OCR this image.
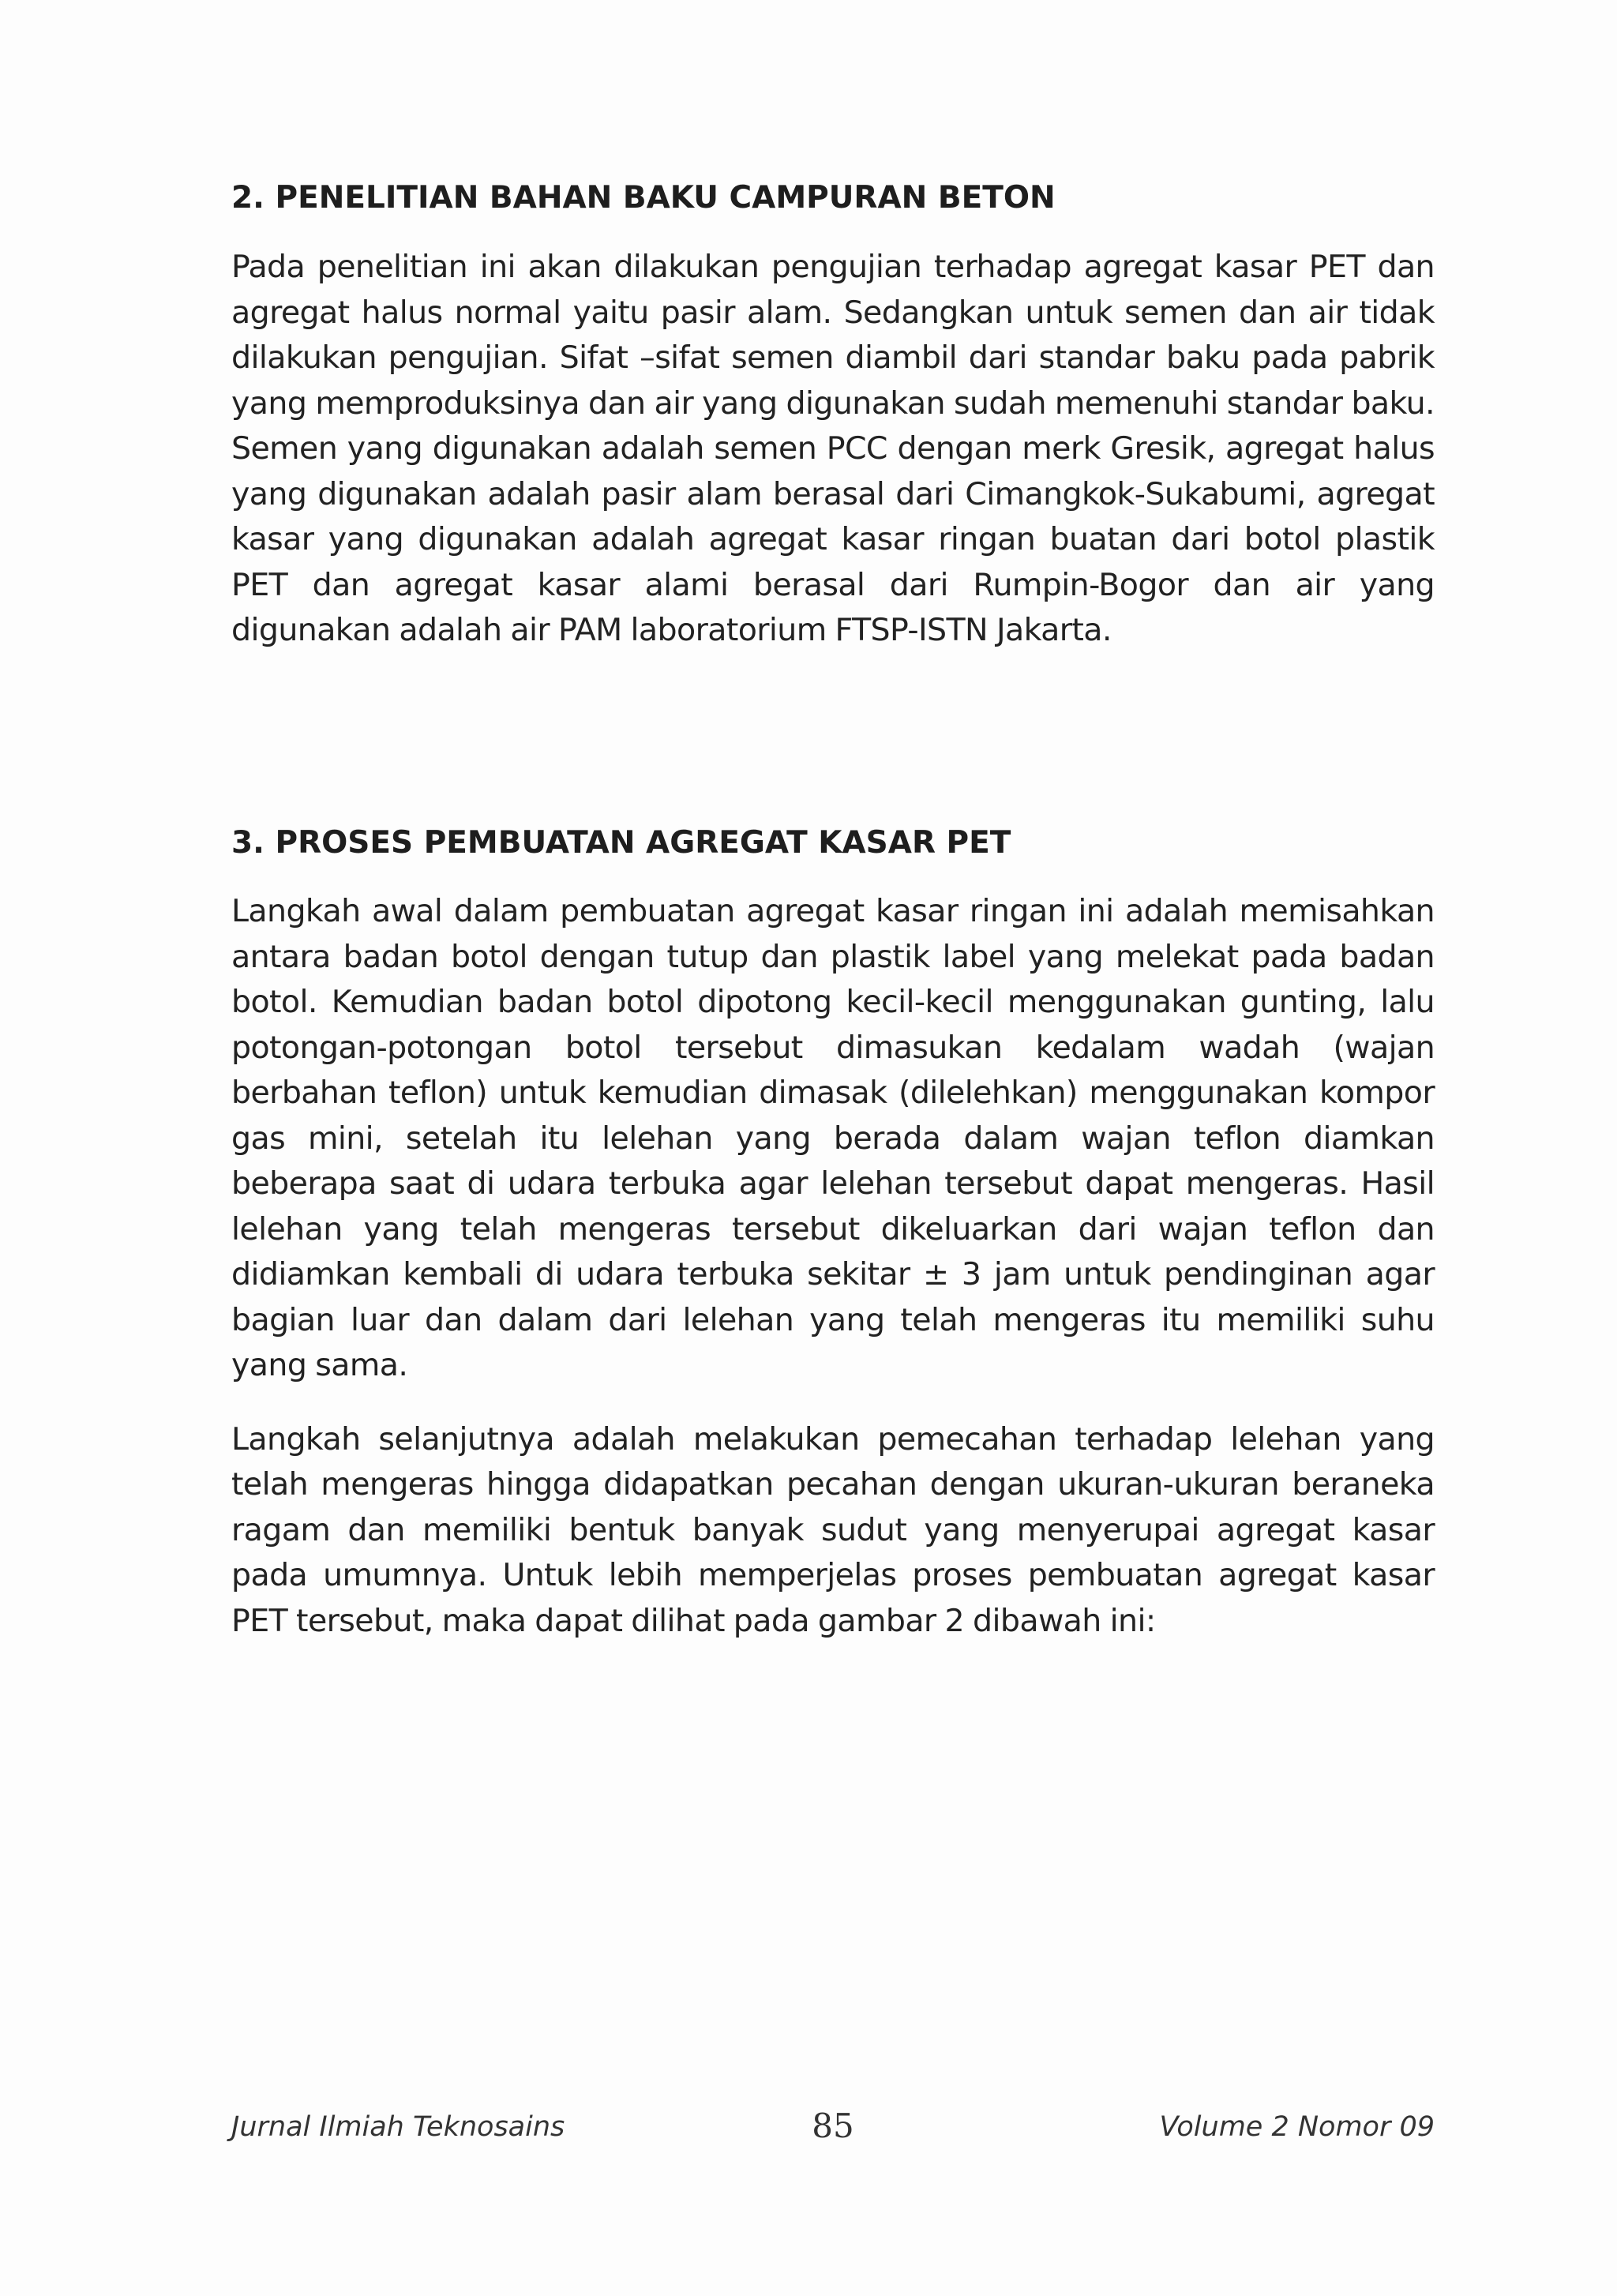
2. PENELITIAN BAHAN BAKU CAMPURAN BETON

Pada penelitian ini akan dilakukan pengujian terhadap agregat kasar PET dan agregat halus normal yaitu pasir alam. Sedangkan untuk semen dan air tidak dilakukan pengujian. Sifat –sifat semen diambil dari standar baku pada pabrik yang memproduksinya dan air yang digunakan sudah memenuhi standar baku. Semen yang digunakan adalah semen PCC dengan merk Gresik, agregat halus yang digunakan adalah pasir alam berasal dari Cimangkok-Sukabumi, agregat kasar yang digunakan adalah agregat kasar ringan buatan dari botol plastik PET dan agregat kasar alami berasal dari Rumpin-Bogor dan air yang digunakan adalah air PAM laboratorium FTSP-ISTN Jakarta.

3. PROSES PEMBUATAN AGREGAT KASAR PET

Langkah awal dalam pembuatan agregat kasar ringan ini adalah memisahkan antara badan botol dengan tutup dan plastik label yang melekat pada badan botol. Kemudian badan botol dipotong kecil-kecil menggunakan gunting, lalu potongan-potongan botol tersebut dimasukan kedalam wadah (wajan berbahan teflon) untuk kemudian dimasak (dilelehkan) menggunakan kompor gas mini, setelah itu lelehan yang berada dalam wajan teflon diamkan beberapa saat di udara terbuka agar lelehan tersebut dapat mengeras. Hasil lelehan yang telah mengeras tersebut dikeluarkan dari wajan teflon dan didiamkan kembali di udara terbuka sekitar ± 3 jam untuk pendinginan agar bagian luar dan dalam dari lelehan yang telah mengeras itu memiliki suhu yang sama.

Langkah selanjutnya adalah melakukan pemecahan terhadap lelehan yang telah mengeras hingga didapatkan pecahan dengan ukuran-ukuran beraneka ragam dan memiliki bentuk banyak sudut yang menyerupai agregat kasar pada umumnya. Untuk lebih memperjelas proses pembuatan agregat kasar PET tersebut, maka dapat dilihat pada gambar 2 dibawah ini:

Jurnal Ilmiah Teknosains	85	Volume 2 Nomor 09
